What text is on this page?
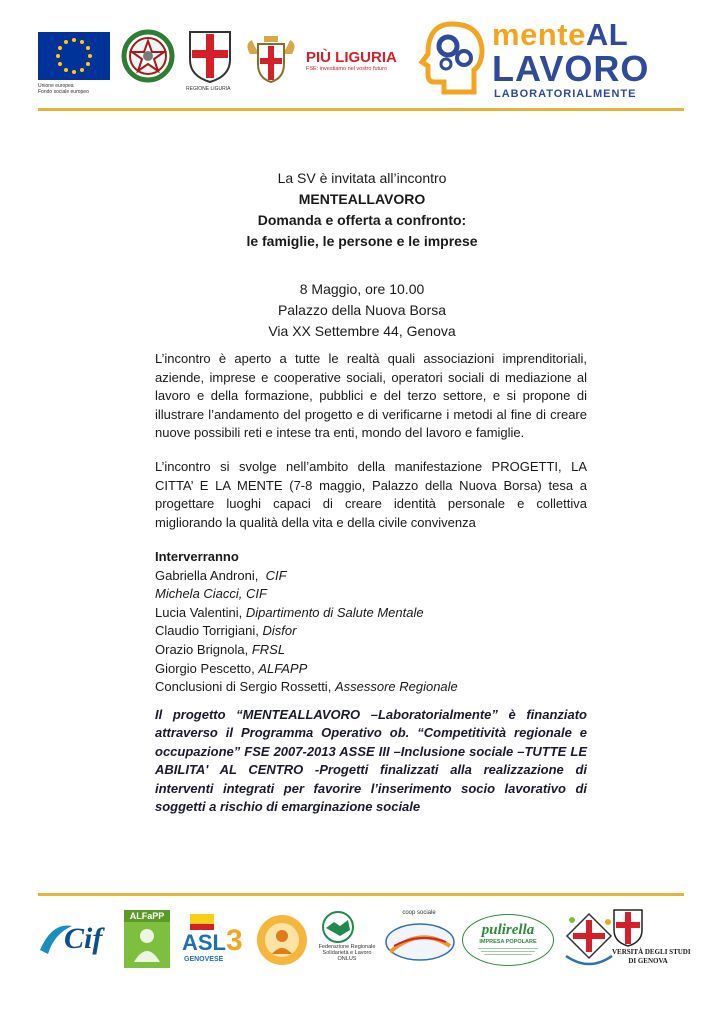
Unione europea
Fondo sociale europeo	REGIONE LIGURIA
PIÙ LIGURIA
FSE: investiamo nel vostro futuro
menteAL
LAVORO
LABORATORIALMENTE
La SV è invitata all’incontro
MENTEALLAVORO
Domanda e offerta a confronto:
le famiglie, le persone e le imprese
8 Maggio, ore 10.00
Palazzo della Nuova Borsa
Via XX Settembre 44, Genova
L’incontro è aperto a tutte le realtà quali associazioni imprenditoriali, aziende, imprese e cooperative sociali, operatori sociali di mediazione al lavoro e della formazione, pubblici e del terzo settore, e si propone di illustrare l’andamento del progetto e di verificarne i metodi al fine di creare nuove possibili reti e intese tra enti, mondo del lavoro e famiglie.
L’incontro si svolge nell’ambito della manifestazione PROGETTI, LA CITTA’ E LA MENTE (7-8 maggio, Palazzo della Nuova Borsa) tesa a progettare luoghi capaci di creare identità personale e collettiva migliorando la qualità della vita e della civile convivenza
Interverranno
Gabriella Androni, CIF
Michela Ciacci, CIF
Lucia Valentini, Dipartimento di Salute Mentale
Claudio Torrigiani, Disfor
Orazio Brignola, FRSL
Giorgio Pescetto, ALFAPP
Conclusioni di Sergio Rossetti, Assessore Regionale
Il progetto “MENTEALLAVORO –Laboratorialmente” è finanziato attraverso il Programma Operativo ob. “Competitività regionale e occupazione” FSE 2007-2013 ASSE III –Inclusione sociale –TUTTE LE ABILITA' AL CENTRO -Progetti finalizzati alla realizzazione di interventi integrati per favorire l’inserimento socio lavorativo di soggetti a rischio di emarginazione sociale
Cif
ALFaPP
ASL3
GENOVESE
Federazione Regionale
Solidarietà e Lavoro
ONLUS
coop sociale
pulirella
IMPRESA POPOLARE
VERSITÀ DEGLI STUDI
DI GENOVA
